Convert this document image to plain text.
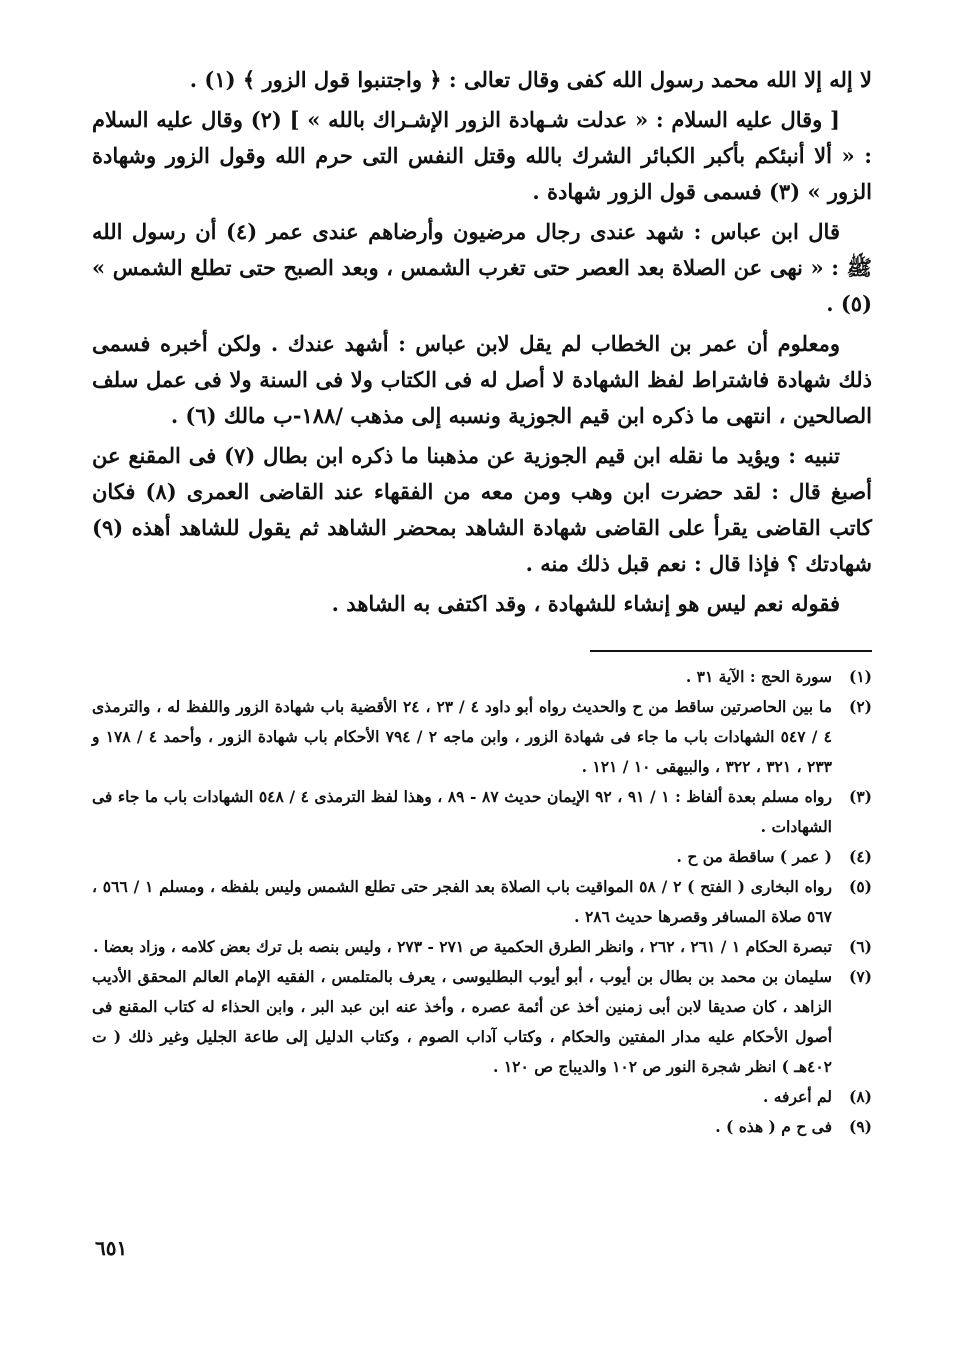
لا إله إلا الله محمد رسول الله كفى وقال تعالى : ﴿ واجتنبوا قول الزور ﴾ (١) .

[ وقال عليه السلام : « عدلت شـهادة الزور الإشـراك بالله » ] (٢) وقال عليه السلام : « ألا أنبئكم بأكبر الكبائر الشرك بالله وقتل النفس التى حرم الله وقول الزور وشهادة الزور » (٣) فسمى قول الزور شهادة .

قال ابن عباس : شهد عندى رجال مرضيون وأرضاهم عندى عمر (٤) أن رسول الله ﷺ : « نهى عن الصلاة بعد العصر حتى تغرب الشمس ، وبعد الصبح حتى تطلع الشمس » (٥) .

ومعلوم أن عمر بن الخطاب لم يقل لابن عباس : أشهد عندك . ولكن أخبره فسمى ذلك شهادة فاشتراط لفظ الشهادة لا أصل له فى الكتاب ولا فى السنة ولا فى عمل سلف الصالحين ، انتهى ما ذكره ابن قيم الجوزية ونسبه إلى مذهب /١٨٨-ب مالك (٦) .

تنبيه : ويؤيد ما نقله ابن قيم الجوزية عن مذهبنا ما ذكره ابن بطال (٧) فى المقنع عن أصبغ قال : لقد حضرت ابن وهب ومن معه من الفقهاء عند القاضى العمرى (٨) فكان كاتب القاضى يقرأ على القاضى شهادة الشاهد بمحضر الشاهد ثم يقول للشاهد أهذه (٩) شهادتك ؟ فإذا قال : نعم قبل ذلك منه .

فقوله نعم ليس هو إنشاء للشهادة ، وقد اكتفى به الشاهد .

(١)
سورة الحج : الآية ٣١ .
(٢)
ما بين الحاصرتين ساقط من ح والحديث رواه أبو داود ٤ / ٢٣ ، ٢٤ الأقضية باب شهادة الزور واللفظ له ، والترمذى ٤ / ٥٤٧ الشهادات باب ما جاء فى شهادة الزور ، وابن ماجه ٢ / ٧٩٤ الأحكام باب شهادة الزور ، وأحمد ٤ / ١٧٨ و ٢٣٣ ، ٣٢١ ، ٣٢٢ ، والبيهقى ١٠ / ١٢١ .
(٣)
رواه مسلم بعدة ألفاظ : ١ / ٩١ ، ٩٢ الإيمان حديث ٨٧ - ٨٩ ، وهذا لفظ الترمذى ٤ / ٥٤٨ الشهادات باب ما جاء فى الشهادات .
(٤)
( عمر ) ساقطة من ح .
(٥)
رواه البخارى ( الفتح ) ٢ / ٥٨ المواقيت باب الصلاة بعد الفجر حتى تطلع الشمس وليس بلفظه ، ومسلم ١ / ٥٦٦ ، ٥٦٧ صلاة المسافر وقصرها حديث ٢٨٦ .
(٦)
تبصرة الحكام ١ / ٢٦١ ، ٢٦٢ ، وانظر الطرق الحكمية ص ٢٧١ - ٢٧٣ ، وليس بنصه بل ترك بعض كلامه ، وزاد بعضا .
(٧)
سليمان بن محمد بن بطال بن أيوب ، أبو أيوب البطليوسى ، يعرف بالمتلمس ، الفقيه الإمام العالم المحقق الأديب الزاهد ، كان صديقا لابن أبى زمنين أخذ عن أئمة عصره ، وأخذ عنه ابن عبد البر ، وابن الحذاء له كتاب المقنع فى أصول الأحكام عليه مدار المفتين والحكام ، وكتاب آداب الصوم ، وكتاب الدليل إلى طاعة الجليل وغير ذلك ( ت ٤٠٢هـ ) انظر شجرة النور ص ١٠٢ والديباج ص ١٢٠ .
(٨)
لم أعرفه .
(٩)
فى ح م ( هذه ) .
٦٥١
